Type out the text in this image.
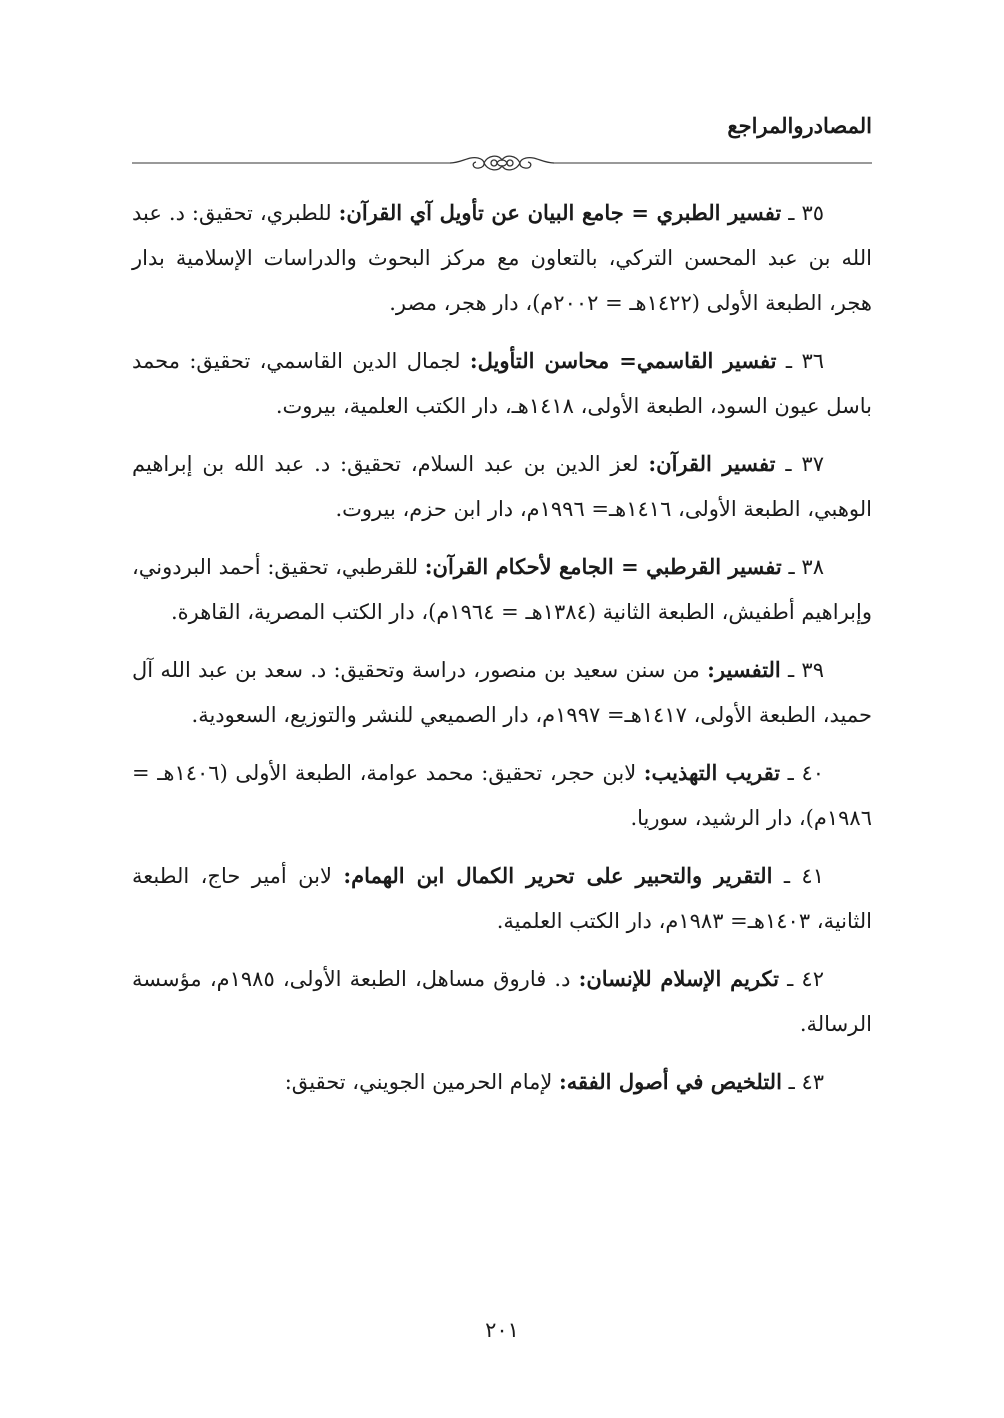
المصادروالمراجع

٣٥ ـ تفسير الطبري = جامع البيان عن تأويل آي القرآن: للطبري، تحقيق: د. عبد الله بن عبد المحسن التركي، بالتعاون مع مركز البحوث والدراسات الإسلامية بدار هجر، الطبعة الأولى (١٤٢٢هـ = ٢٠٠٢م)، دار هجر، مصر.

٣٦ ـ تفسير القاسمي= محاسن التأويل: لجمال الدين القاسمي، تحقيق: محمد باسل عيون السود، الطبعة الأولى، ١٤١٨هـ، دار الكتب العلمية، بيروت.

٣٧ ـ تفسير القرآن: لعز الدين بن عبد السلام، تحقيق: د. عبد الله بن إبراهيم الوهبي، الطبعة الأولى، ١٤١٦هـ= ١٩٩٦م، دار ابن حزم، بيروت.

٣٨ ـ تفسير القرطبي = الجامع لأحكام القرآن: للقرطبي، تحقيق: أحمد البردوني، وإبراهيم أطفيش، الطبعة الثانية (١٣٨٤هـ = ١٩٦٤م)، دار الكتب المصرية، القاهرة.

٣٩ ـ التفسير: من سنن سعيد بن منصور، دراسة وتحقيق: د. سعد بن عبد الله آل حميد، الطبعة الأولى، ١٤١٧هـ= ١٩٩٧م، دار الصميعي للنشر والتوزيع، السعودية.

٤٠ ـ تقريب التهذيب: لابن حجر، تحقيق: محمد عوامة، الطبعة الأولى (١٤٠٦هـ = ١٩٨٦م)، دار الرشيد، سوريا.

٤١ ـ التقرير والتحبير على تحرير الكمال ابن الهمام: لابن أمير حاج، الطبعة الثانية، ١٤٠٣هـ= ١٩٨٣م، دار الكتب العلمية.

٤٢ ـ تكريم الإسلام للإنسان: د. فاروق مساهل، الطبعة الأولى، ١٩٨٥م، مؤسسة الرسالة.

٤٣ ـ التلخيص في أصول الفقه: لإمام الحرمين الجويني، تحقيق:

٢٠١
